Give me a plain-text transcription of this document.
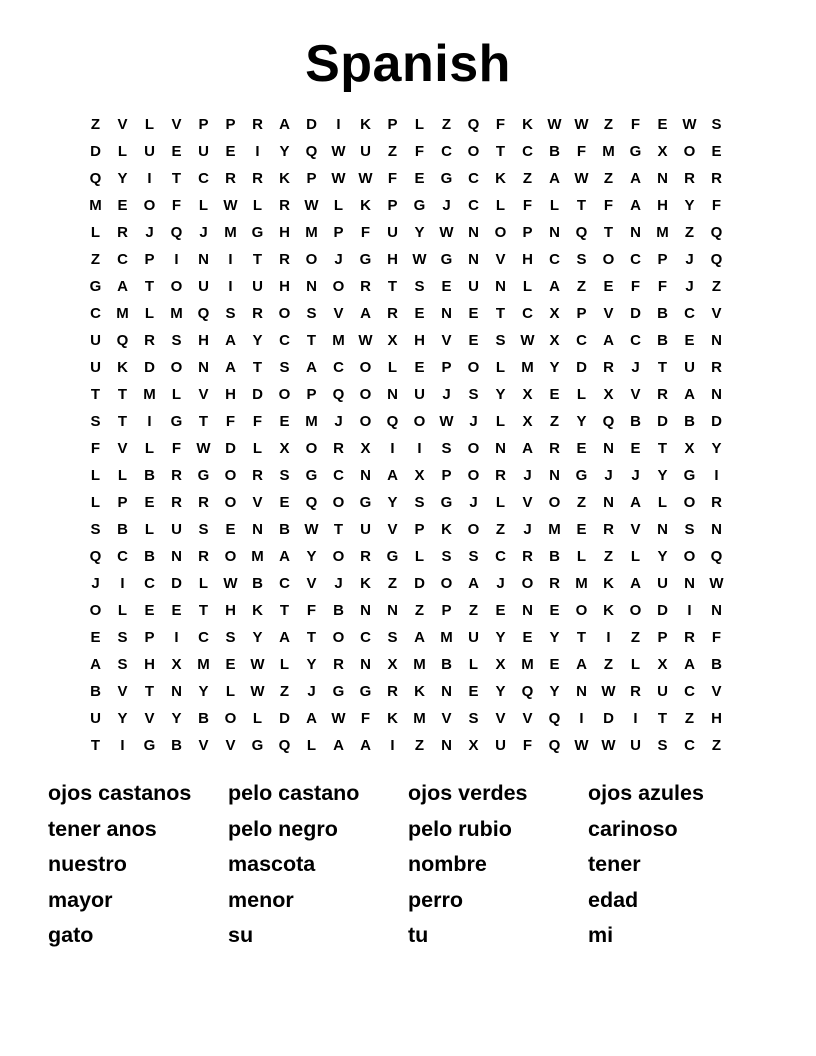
Spanish
Z	V	L	V	P	P	R	A	D	I	K	P	L	Z	Q	F	K W W	Z	F	E W S
D	L	U	E	U	E	I	Y	Q W U	Z	F	C	O	T	C	B	F	M G	X	O	E
Q	Y	I	T	C	R	R	K	P W W	F	E	G	C	K	Z	A W	Z	A	N	R	R
M	E	O	F	L	W	L	R W	L	K	P	G	J	C	L	F	L	T	F	A	H	Y	F
L	R	J	Q	J	M G	H	M	P	F	U	Y W N	O	P	N	Q	T	N	M	Z	Q
Z	C	P	I	N	I	T	R	O	J	G	H W G	N	V	H	C	S	O	C	P	J	Q
G	A	T	O	U	I	U	H	N	O	R	T	S	E	U	N	L	A	Z	E	F	F	J	Z
C	M	L	M Q	S	R	O	S	V	A	R	E	N	E	T	C	X	P	V	D	B	C	V
U	Q	R	S	H	A	Y	C	T	M W X	H	V	E	S W X	C	A	C	B	E	N
U	K	D	O	N	A	T	S	A	C	O	L	E	P	O	L	M	Y	D	R	J	T	U	R
T	T	M	L	V	H	D	O	P	Q	O	N	U	J	S	Y	X	E	L	X	V	R	A	N
S	T	I	G	T	F	F	E	M	J	O	Q	O W	J	L	X	Z	Y	Q	B	D	B	D
F	V	L	F	W D	L	X	O	R	X	I	I	S	O	N	A	R	E	N	E	T	X	Y
L	L	B	R	G	O	R	S	G	C	N	A	X	P	O	R	J	N	G	J	J	Y	G	I
L	P	E	R	R	O	V	E	Q	O	G	Y	S	G	J	L	V	O	Z	N	A	L	O	R
S	B	L	U	S	E	N	B W	T	U	V	P	K	O	Z	J	M	E	R	V	N	S	N
Q	C	B	N	R	O M	A	Y	O	R	G	L	S	S	C	R	B	L	Z	L	Y	O	Q
J	I	C	D	L	W B	C	V	J	K	Z	D	O	A	J	O	R	M	K	A	U	N W
O	L	E	E	T	H	K	T	F	B	N	N	Z	P	Z	E	N	E	O	K	O	D	I	N
E	S	P	I	C	S	Y	A	T	O	C	S	A	M	U	Y	E	Y	T	I	Z	P	R	F
A	S	H	X	M	E W	L	Y	R	N	X	M	B	L	X	M	E	A	Z	L	X	A	B
B	V	T	N	Y	L	W	Z	J	G	G	R	K	N	E	Y	Q	Y	N W R	U	C	V
U	Y	V	Y	B	O	L	D	A W	F	K	M	V	S	V	V	Q	I	D	I	T	Z	H
T	I	G	B	V	V	G	Q	L	A	A	I	Z	N	X	U	F	Q W W U	S	C	Z
ojos castanos	pelo castano	ojos verdes	ojos azules
tener anos	pelo negro	pelo rubio	carinoso
nuestro	mascota	nombre	tener
mayor	menor	perro	edad
gato	su	tu	mi
